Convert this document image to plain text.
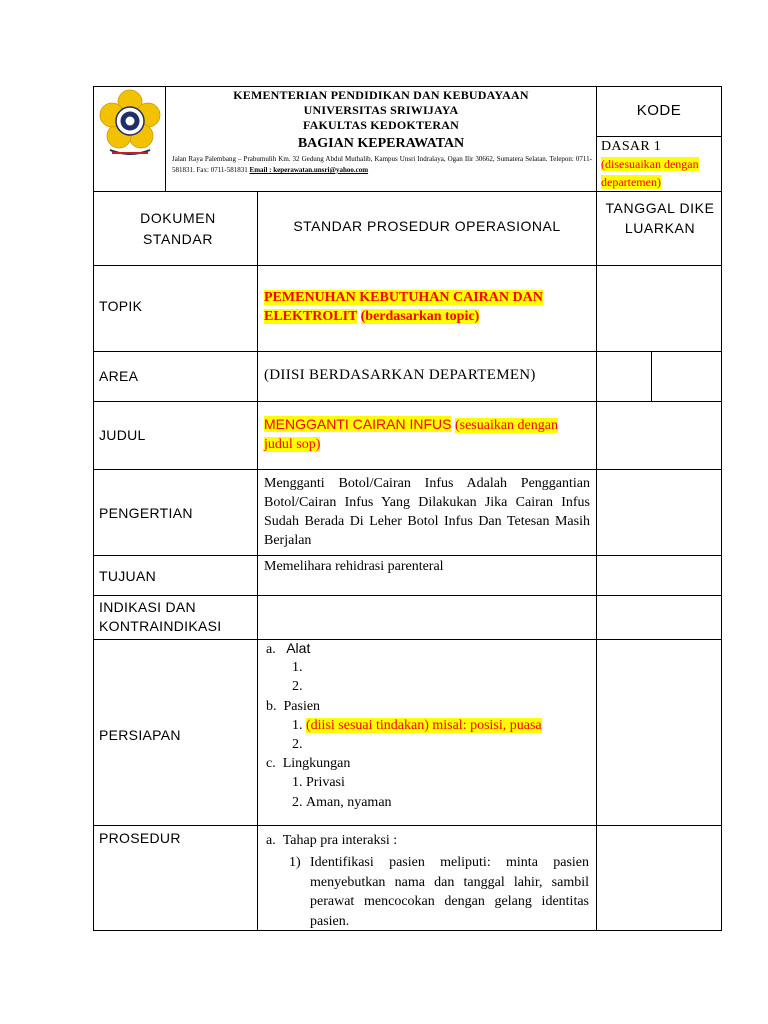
KEMENTERIAN PENDIDIKAN DAN KEBUDAYAAN
UNIVERSITAS SRIWIJAYA
FAKULTAS KEDOKTERAN
BAGIAN KEPERAWATAN
Jalan Raya Palembang – Prabumulih Km. 32 Gedung Abdul Muthalib, Kampus Unsri Indralaya, Ogan Ilir 30662, Sumatera Selatan. Telepon: 0711-581831. Fax: 0711-581831 Email : keperawatan.unsri@yahoo.com
KODE
DASAR 1
(disesuaikan dengan departemen)
DOKUMEN STANDAR
STANDAR PROSEDUR OPERASIONAL
TANGGAL DIKELUARKAN
TOPIK
PEMENUHAN KEBUTUHAN CAIRAN DAN ELEKTROLIT (berdasarkan topic)
AREA	(DIISI BERDASARKAN DEPARTEMEN)
JUDUL
MENGGANTI CAIRAN INFUS (sesuaikan dengan judul sop)
PENGERTIAN
Mengganti Botol/Cairan Infus Adalah Penggantian Botol/Cairan Infus Yang Dilakukan Jika Cairan Infus Sudah Berada Di Leher Botol Infus Dan Tetesan Masih Berjalan
TUJUAN
Memelihara rehidrasi parenteral
INDIKASI DAN
KONTRAINDIKASI
PERSIAPAN
a. Alat
1.
2.
b. Pasien
1. (diisi sesuai tindakan) misal: posisi, puasa
2.
c. Lingkungan
1. Privasi
2. Aman, nyaman
PROSEDUR	a. Tahap pra interaksi :
1) Identifikasi pasien meliputi: minta pasien menyebutkan nama dan tanggal lahir, sambil perawat mencocokan dengan gelang identitas pasien.
